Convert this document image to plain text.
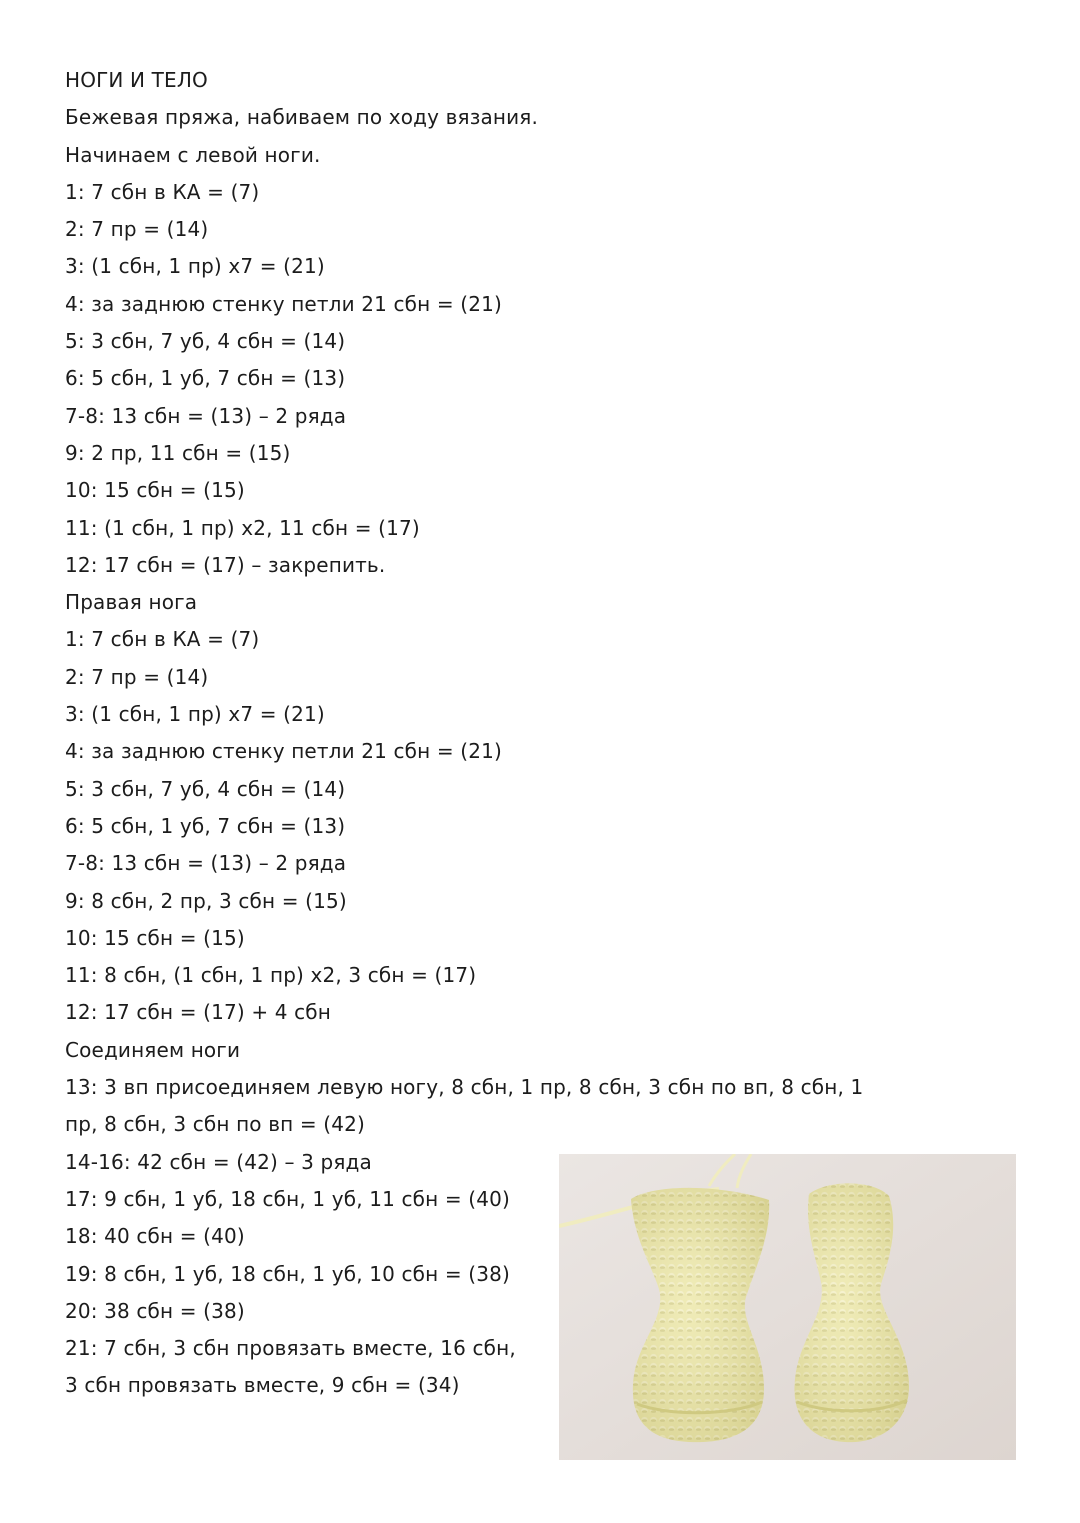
НОГИ И ТЕЛО
Бежевая пряжа, набиваем по ходу вязания.
Начинаем с левой ноги.
1: 7 сбн в КА = (7)
2: 7 пр = (14)
3: (1 сбн, 1 пр) х7 = (21)
4: за заднюю стенку петли 21 сбн = (21)
5: 3 сбн, 7 уб, 4 сбн = (14)
6: 5 сбн, 1 уб, 7 сбн = (13)
7-8: 13 сбн = (13) – 2 ряда
9: 2 пр, 11 сбн = (15)
10: 15 сбн = (15)
11: (1 сбн, 1 пр) х2, 11 сбн = (17)
12: 17 сбн = (17) – закрепить.
Правая нога
1: 7 сбн в КА = (7)
2: 7 пр = (14)
3: (1 сбн, 1 пр) х7 = (21)
4: за заднюю стенку петли 21 сбн = (21)
5: 3 сбн, 7 уб, 4 сбн = (14)
6: 5 сбн, 1 уб, 7 сбн = (13)
7-8: 13 сбн = (13) – 2 ряда
9: 8 сбн, 2 пр, 3 сбн = (15)
10: 15 сбн = (15)
11: 8 сбн, (1 сбн, 1 пр) х2, 3 сбн = (17)
12: 17 сбн = (17) + 4 сбн
Соединяем ноги
13: 3 вп присоединяем левую ногу, 8 сбн, 1 пр, 8 сбн, 3 сбн по вп, 8 сбн, 1
пр, 8 сбн, 3 сбн по вп = (42)
14-16: 42 сбн = (42) – 3 ряда
17: 9 сбн, 1 уб, 18 сбн, 1 уб, 11 сбн = (40)
18: 40 сбн = (40)
19: 8 сбн, 1 уб, 18 сбн, 1 уб, 10 сбн = (38)
20: 38 сбн = (38)
21: 7 сбн, 3 сбн провязать вместе, 16 сбн,
3 сбн провязать вместе, 9 сбн = (34)
